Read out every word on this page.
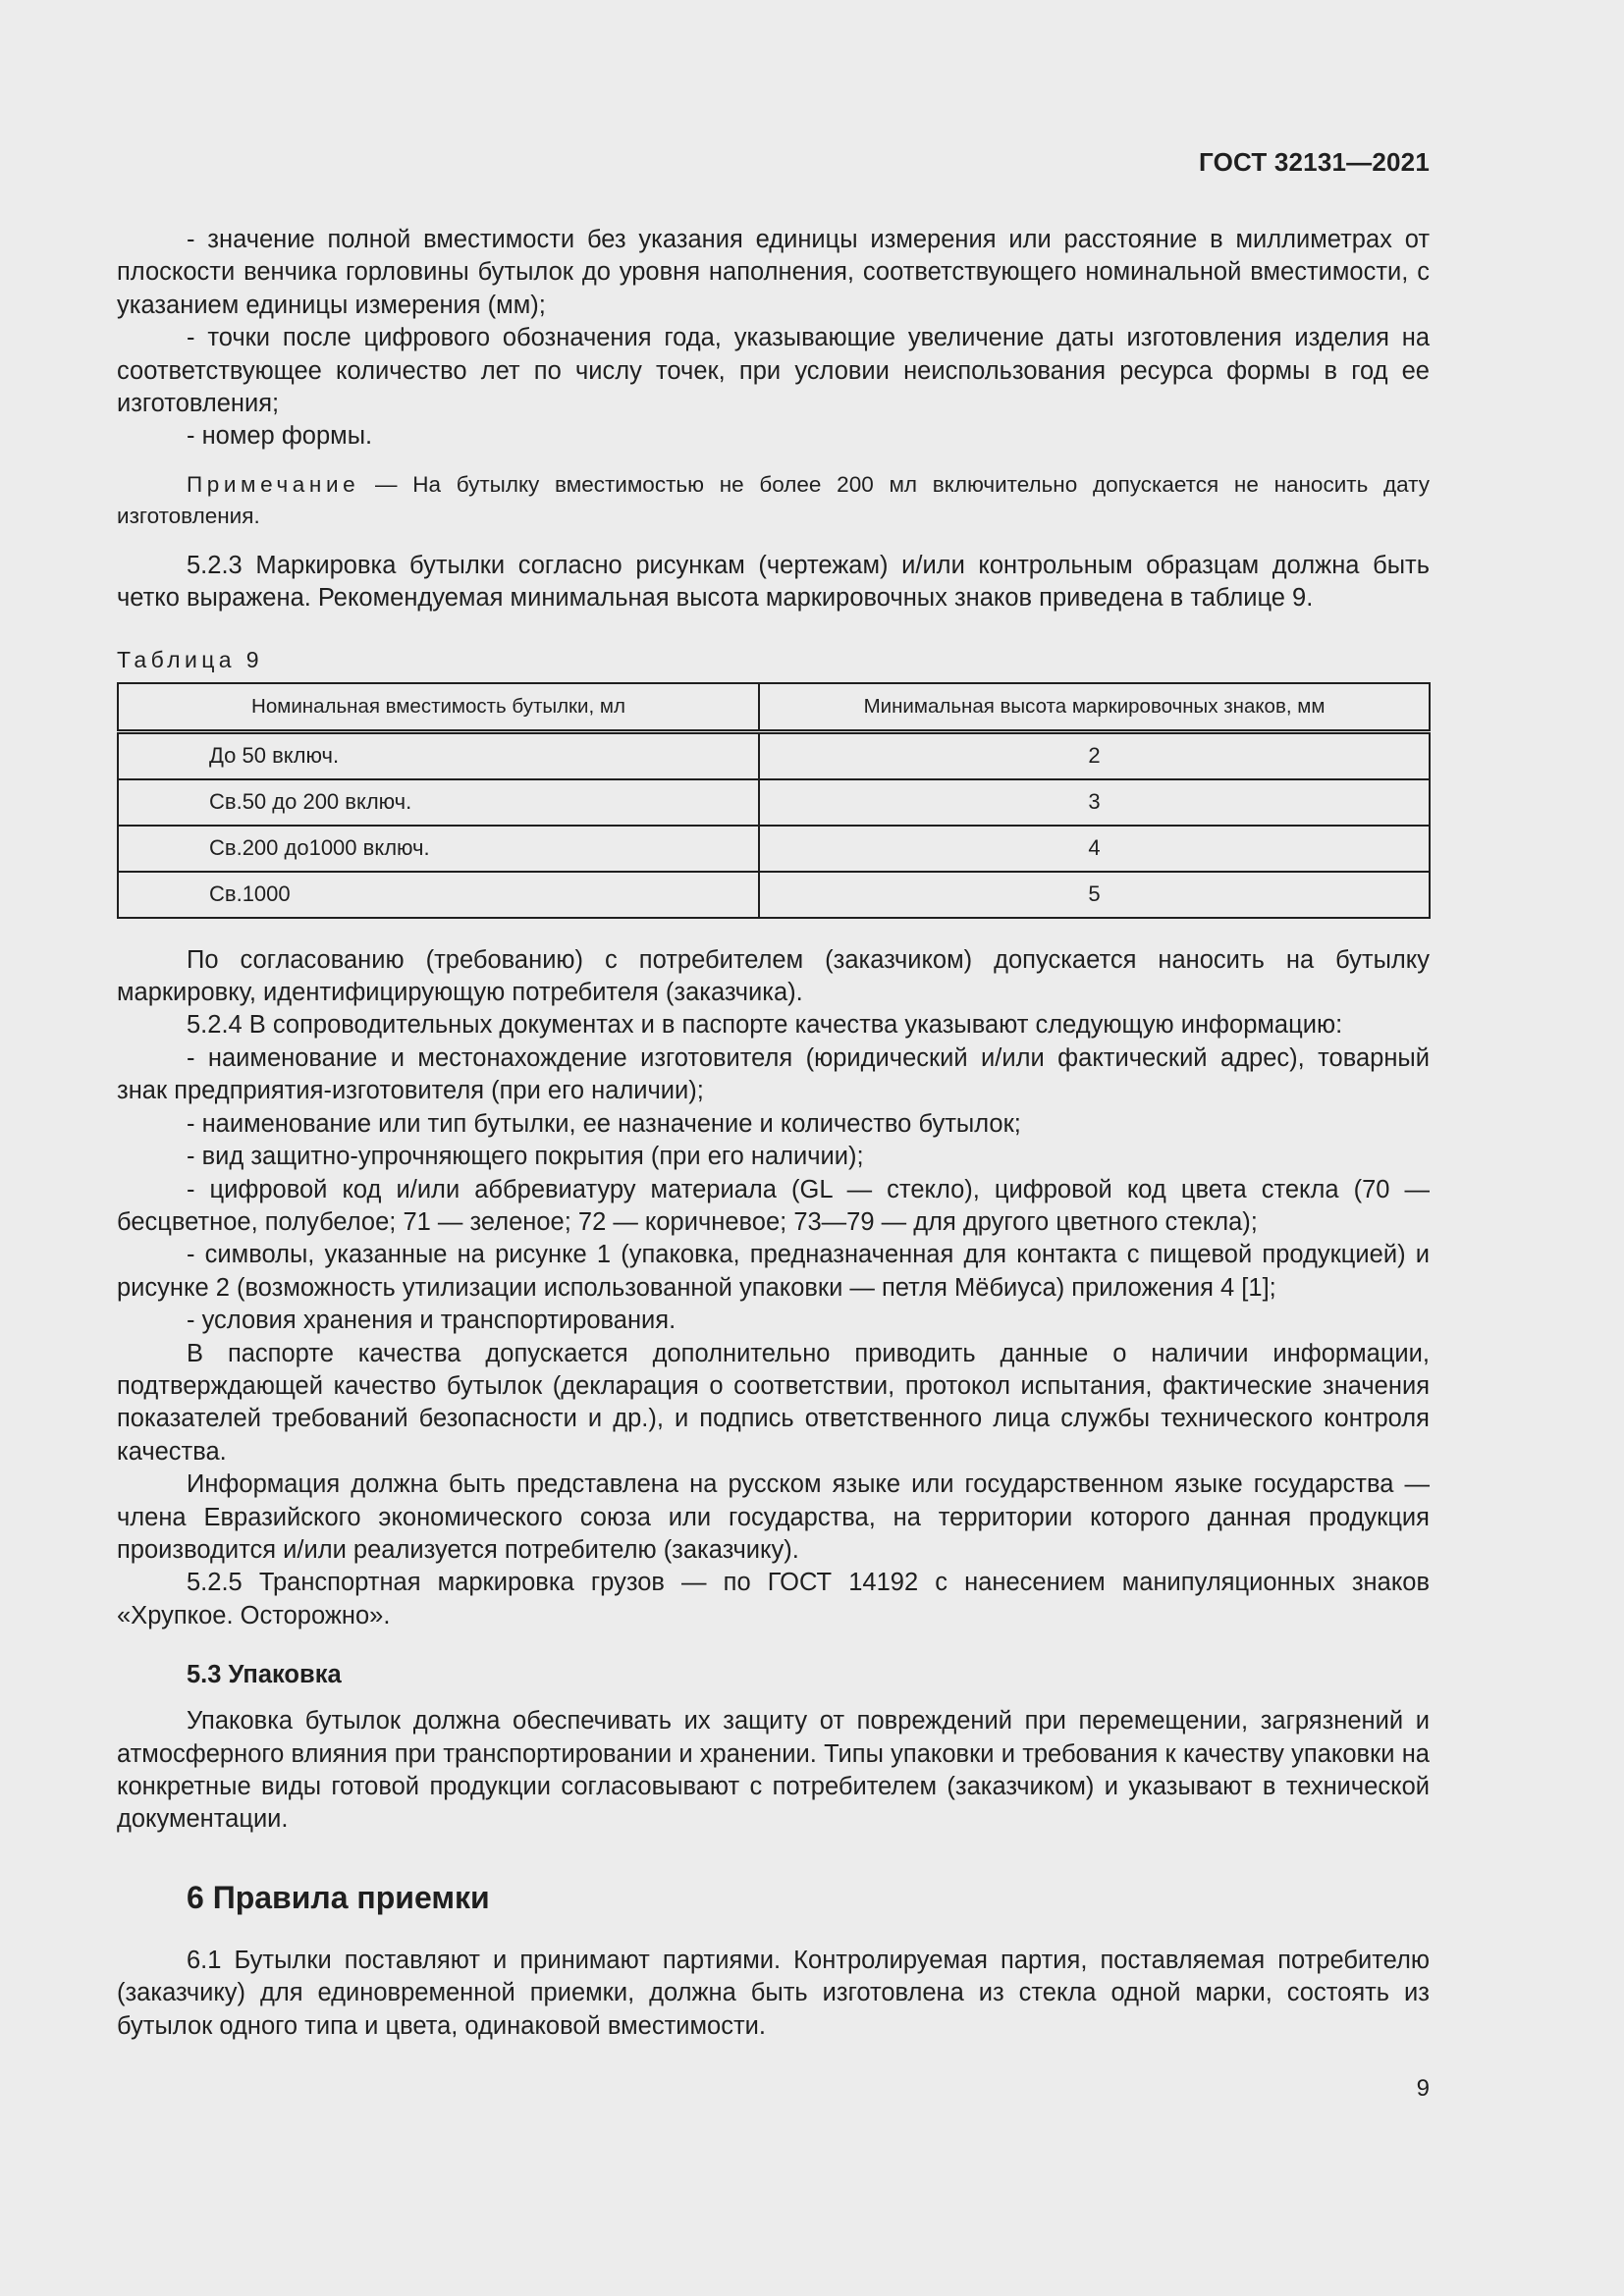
ГОСТ 32131—2021

- значение полной вместимости без указания единицы измерения или расстояние в миллиметрах от плоскости венчика горловины бутылок до уровня наполнения, соответствующего номинальной вместимости, с указанием единицы измерения (мм);

- точки после цифрового обозначения года, указывающие увеличение даты изготовления изделия на соответствующее количество лет по числу точек, при условии неиспользования ресурса формы в год ее изготовления;

- номер формы.

Примечание — На бутылку вместимостью не более 200 мл включительно допускается не наносить дату изготовления.

5.2.3 Маркировка бутылки согласно рисункам (чертежам) и/или контрольным образцам должна быть четко выражена. Рекомендуемая минимальная высота маркировочных знаков приведена в таблице 9.

Таблица 9
Номинальная вместимость бутылки, мл	Минимальная высота маркировочных знаков, мм
До 50 включ.	2
Св.50 до 200 включ.	3
Св.200 до1000 включ.	4
Св.1000	5

По согласованию (требованию) с потребителем (заказчиком) допускается наносить на бутылку маркировку, идентифицирующую потребителя (заказчика).

5.2.4 В сопроводительных документах и в паспорте качества указывают следующую информацию:

- наименование и местонахождение изготовителя (юридический и/или фактический адрес), товарный знак предприятия-изготовителя (при его наличии);

- наименование или тип бутылки, ее назначение и количество бутылок;

- вид защитно-упрочняющего покрытия (при его наличии);

- цифровой код и/или аббревиатуру материала (GL — стекло), цифровой код цвета стекла (70 — бесцветное, полубелое; 71 — зеленое; 72 — коричневое; 73—79 — для другого цветного стекла);

- символы, указанные на рисунке 1 (упаковка, предназначенная для контакта с пищевой продукцией) и рисунке 2 (возможность утилизации использованной упаковки — петля Мёбиуса) приложения 4 [1];

- условия хранения и транспортирования.

В паспорте качества допускается дополнительно приводить данные о наличии информации, подтверждающей качество бутылок (декларация о соответствии, протокол испытания, фактические значения показателей требований безопасности и др.), и подпись ответственного лица службы технического контроля качества.

Информация должна быть представлена на русском языке или государственном языке государства — члена Евразийского экономического союза или государства, на территории которого данная продукция производится и/или реализуется потребителю (заказчику).

5.2.5 Транспортная маркировка грузов — по ГОСТ 14192 с нанесением манипуляционных знаков «Хрупкое. Осторожно».

5.3 Упаковка

Упаковка бутылок должна обеспечивать их защиту от повреждений при перемещении, загрязнений и атмосферного влияния при транспортировании и хранении. Типы упаковки и требования к качеству упаковки на конкретные виды готовой продукции согласовывают с потребителем (заказчиком) и указывают в технической документации.

6 Правила приемки

6.1 Бутылки поставляют и принимают партиями. Контролируемая партия, поставляемая потребителю (заказчику) для единовременной приемки, должна быть изготовлена из стекла одной марки, состоять из бутылок одного типа и цвета, одинаковой вместимости.

9
